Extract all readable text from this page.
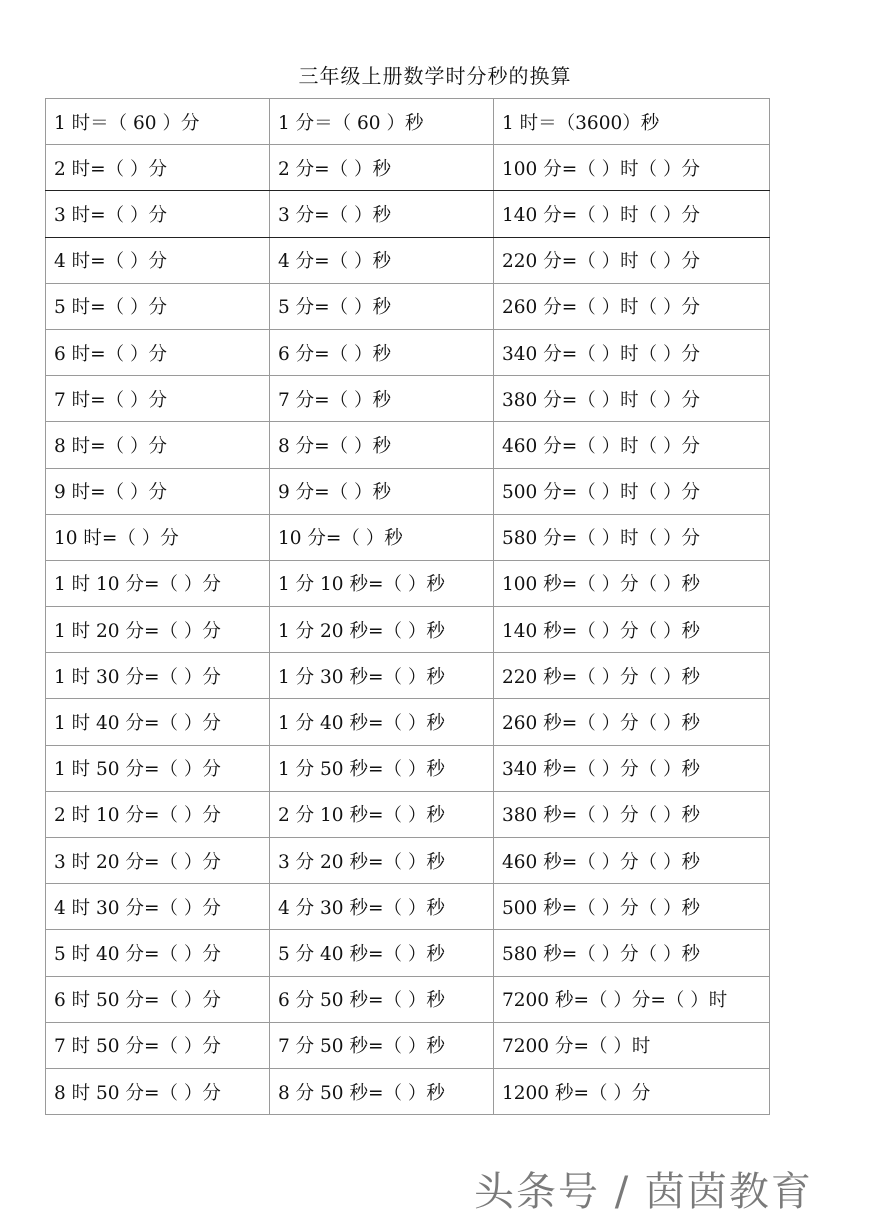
三年级上册数学时分秒的换算
1 时＝（ 60 ）分	1 分＝（ 60 ）秒	1 时＝（3600）秒
2 时=（ ）分	2 分=（ ）秒	100 分=（ ）时（ ）分
3 时=（ ）分	3 分=（ ）秒	140 分=（ ）时（ ）分
4 时=（ ）分	4 分=（ ）秒	220 分=（ ）时（ ）分
5 时=（ ）分	5 分=（ ）秒	260 分=（ ）时（ ）分
6 时=（ ）分	6 分=（ ）秒	340 分=（ ）时（ ）分
7 时=（ ）分	7 分=（ ）秒	380 分=（ ）时（ ）分
8 时=（ ）分	8 分=（ ）秒	460 分=（ ）时（ ）分
9 时=（ ）分	9 分=（ ）秒	500 分=（ ）时（ ）分
10 时=（ ）分	10 分=（ ）秒	580 分=（ ）时（ ）分
1 时 10 分=（ ）分	1 分 10 秒=（ ）秒	100 秒=（ ）分（ ）秒
1 时 20 分=（ ）分	1 分 20 秒=（ ）秒	140 秒=（ ）分（ ）秒
1 时 30 分=（ ）分	1 分 30 秒=（ ）秒	220 秒=（ ）分（ ）秒
1 时 40 分=（ ）分	1 分 40 秒=（ ）秒	260 秒=（ ）分（ ）秒
1 时 50 分=（ ）分	1 分 50 秒=（ ）秒	340 秒=（ ）分（ ）秒
2 时 10 分=（ ）分	2 分 10 秒=（ ）秒	380 秒=（ ）分（ ）秒
3 时 20 分=（ ）分	3 分 20 秒=（ ）秒	460 秒=（ ）分（ ）秒
4 时 30 分=（ ）分	4 分 30 秒=（ ）秒	500 秒=（ ）分（ ）秒
5 时 40 分=（ ）分	5 分 40 秒=（ ）秒	580 秒=（ ）分（ ）秒
6 时 50 分=（ ）分	6 分 50 秒=（ ）秒	7200 秒=（ ）分=（ ）时
7 时 50 分=（ ）分	7 分 50 秒=（ ）秒	7200 分=（ ）时
8 时 50 分=（ ）分	8 分 50 秒=（ ）秒	1200 秒=（ ）分
头条号 / 茵茵教育
